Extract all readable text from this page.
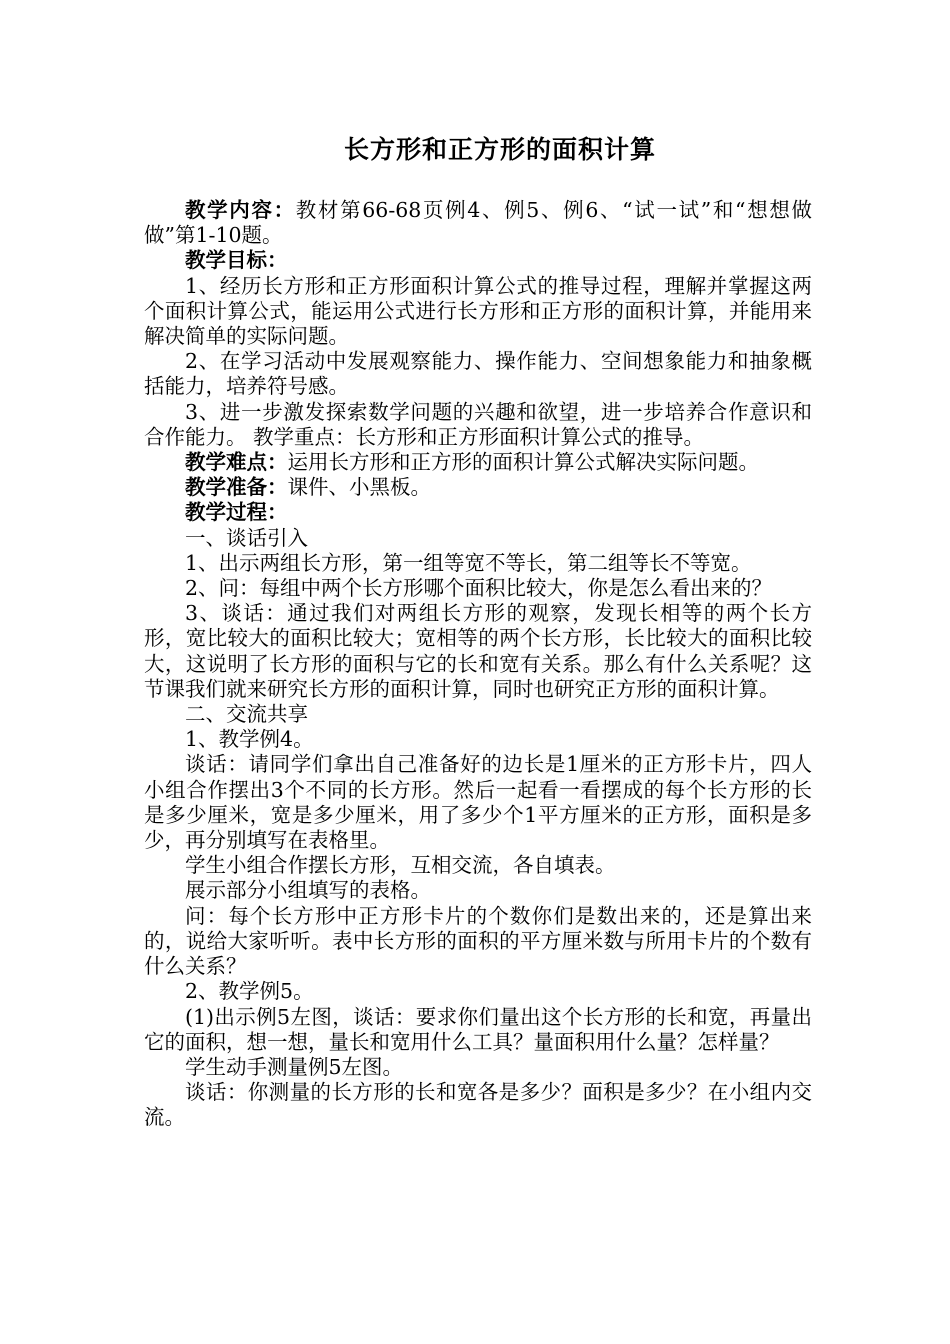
长方形和正方形的面积计算

教学内容：教材第66-68页例4、例5、例6、“试一试”和“想想做做”第1-10题。

教学目标：

1、经历长方形和正方形面积计算公式的推导过程，理解并掌握这两个面积计算公式，能运用公式进行长方形和正方形的面积计算，并能用来解决简单的实际问题。

2、在学习活动中发展观察能力、操作能力、空间想象能力和抽象概括能力，培养符号感。

3、进一步激发探索数学问题的兴趣和欲望，进一步培养合作意识和合作能力。 教学重点：长方形和正方形面积计算公式的推导。

教学难点：运用长方形和正方形的面积计算公式解决实际问题。

教学准备：课件、小黑板。

教学过程：

一、谈话引入

1、出示两组长方形，第一组等宽不等长，第二组等长不等宽。

2、问：每组中两个长方形哪个面积比较大，你是怎么看出来的？

3、谈话：通过我们对两组长方形的观察，发现长相等的两个长方形，宽比较大的面积比较大；宽相等的两个长方形，长比较大的面积比较大，这说明了长方形的面积与它的长和宽有关系。那么有什么关系呢？这节课我们就来研究长方形的面积计算，同时也研究正方形的面积计算。

二、交流共享

1、教学例4。

谈话：请同学们拿出自己准备好的边长是1厘米的正方形卡片，四人小组合作摆出3个不同的长方形。然后一起看一看摆成的每个长方形的长是多少厘米，宽是多少厘米，用了多少个1平方厘米的正方形，面积是多少，再分别填写在表格里。

学生小组合作摆长方形，互相交流，各自填表。

展示部分小组填写的表格。

问：每个长方形中正方形卡片的个数你们是数出来的，还是算出来的，说给大家听听。表中长方形的面积的平方厘米数与所用卡片的个数有什么关系？

2、教学例5。

(1)出示例5左图，谈话：要求你们量出这个长方形的长和宽，再量出它的面积，想一想，量长和宽用什么工具？量面积用什么量？怎样量？

学生动手测量例5左图。

谈话：你测量的长方形的长和宽各是多少？面积是多少？在小组内交流。
